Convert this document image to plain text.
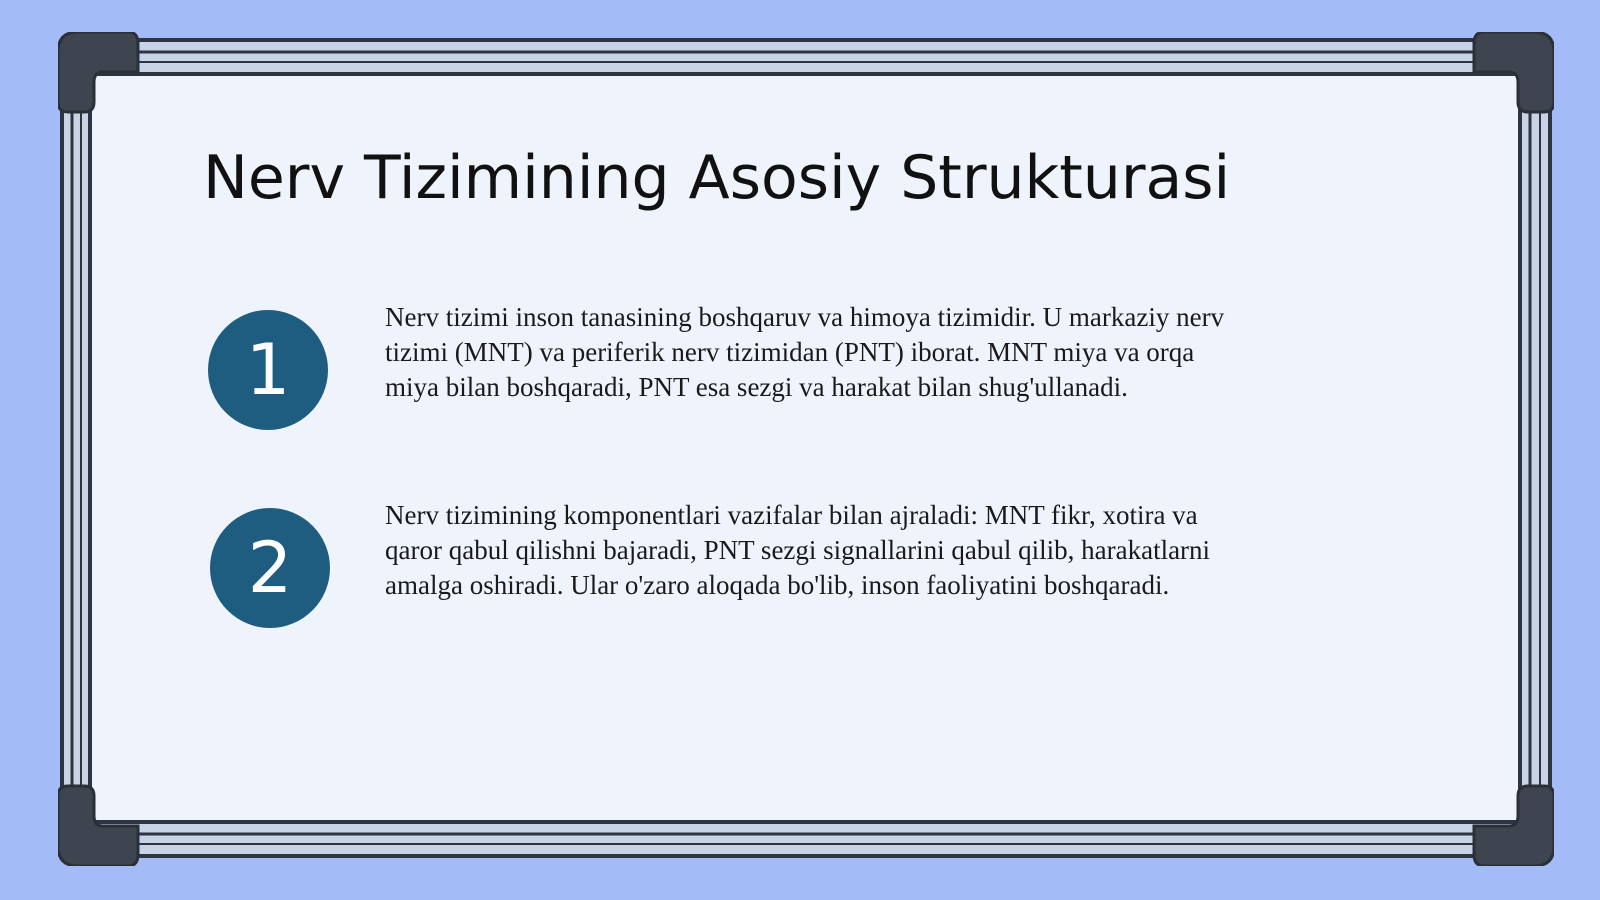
Nerv Tizimining Asosiy Strukturasi
1

Nerv tizimi inson tanasining boshqaruv va himoya tizimidir. U markaziy nerv tizimi (MNT) va periferik nerv tizimidan (PNT) iborat. MNT miya va orqa miya bilan boshqaradi, PNT esa sezgi va harakat bilan shug'ullanadi.

2

Nerv tizimining komponentlari vazifalar bilan ajraladi: MNT fikr, xotira va qaror qabul qilishni bajaradi, PNT sezgi signallarini qabul qilib, harakatlarni amalga oshiradi. Ular o'zaro aloqada bo'lib, inson faoliyatini boshqaradi.
